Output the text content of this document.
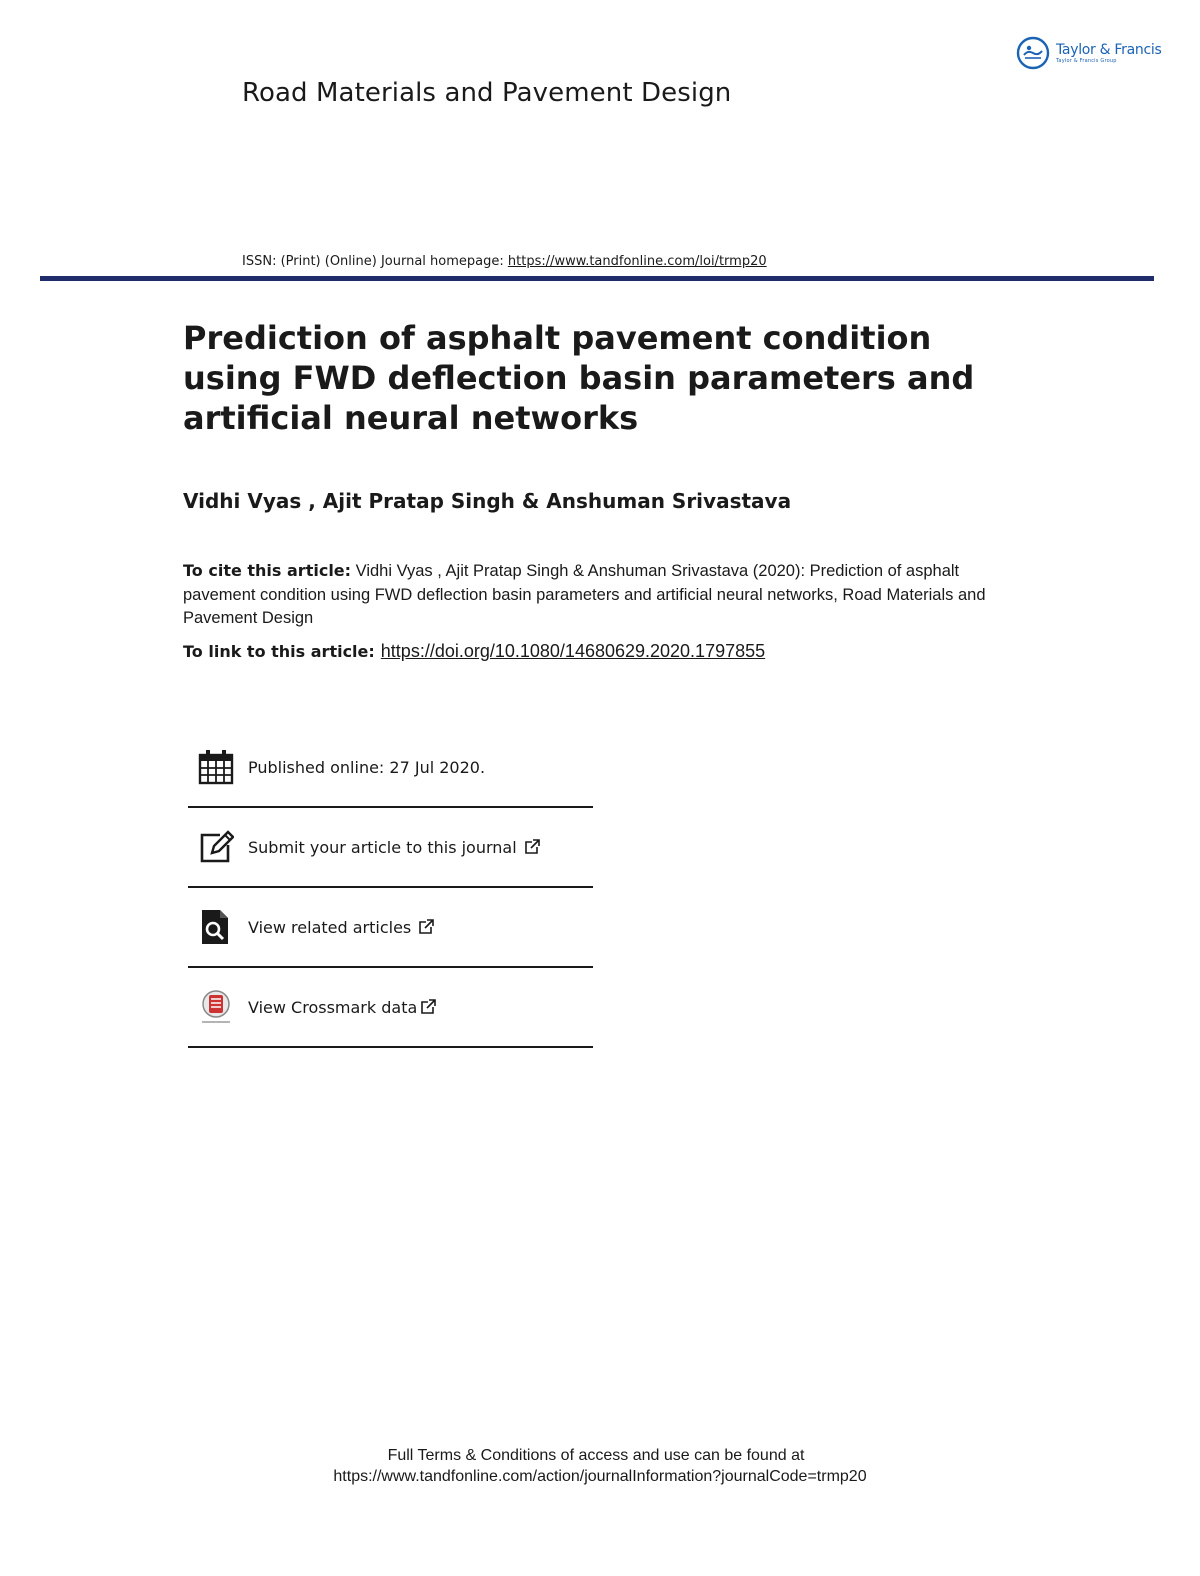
Taylor & Francis
Taylor & Francis Group
Road Materials and Pavement Design
ISSN: (Print) (Online) Journal homepage: https://www.tandfonline.com/loi/trmp20
Prediction of asphalt pavement condition using FWD deflection basin parameters and artificial neural networks
Vidhi Vyas , Ajit Pratap Singh & Anshuman Srivastava
To cite this article: Vidhi Vyas , Ajit Pratap Singh & Anshuman Srivastava (2020): Prediction of asphalt pavement condition using FWD deflection basin parameters and artificial neural networks, Road Materials and Pavement Design
To link to this article: https://doi.org/10.1080/14680629.2020.1797855
Published online: 27 Jul 2020.
Submit your article to this journal
View related articles
View Crossmark data
Full Terms & Conditions of access and use can be found at
https://www.tandfonline.com/action/journalInformation?journalCode=trmp20
